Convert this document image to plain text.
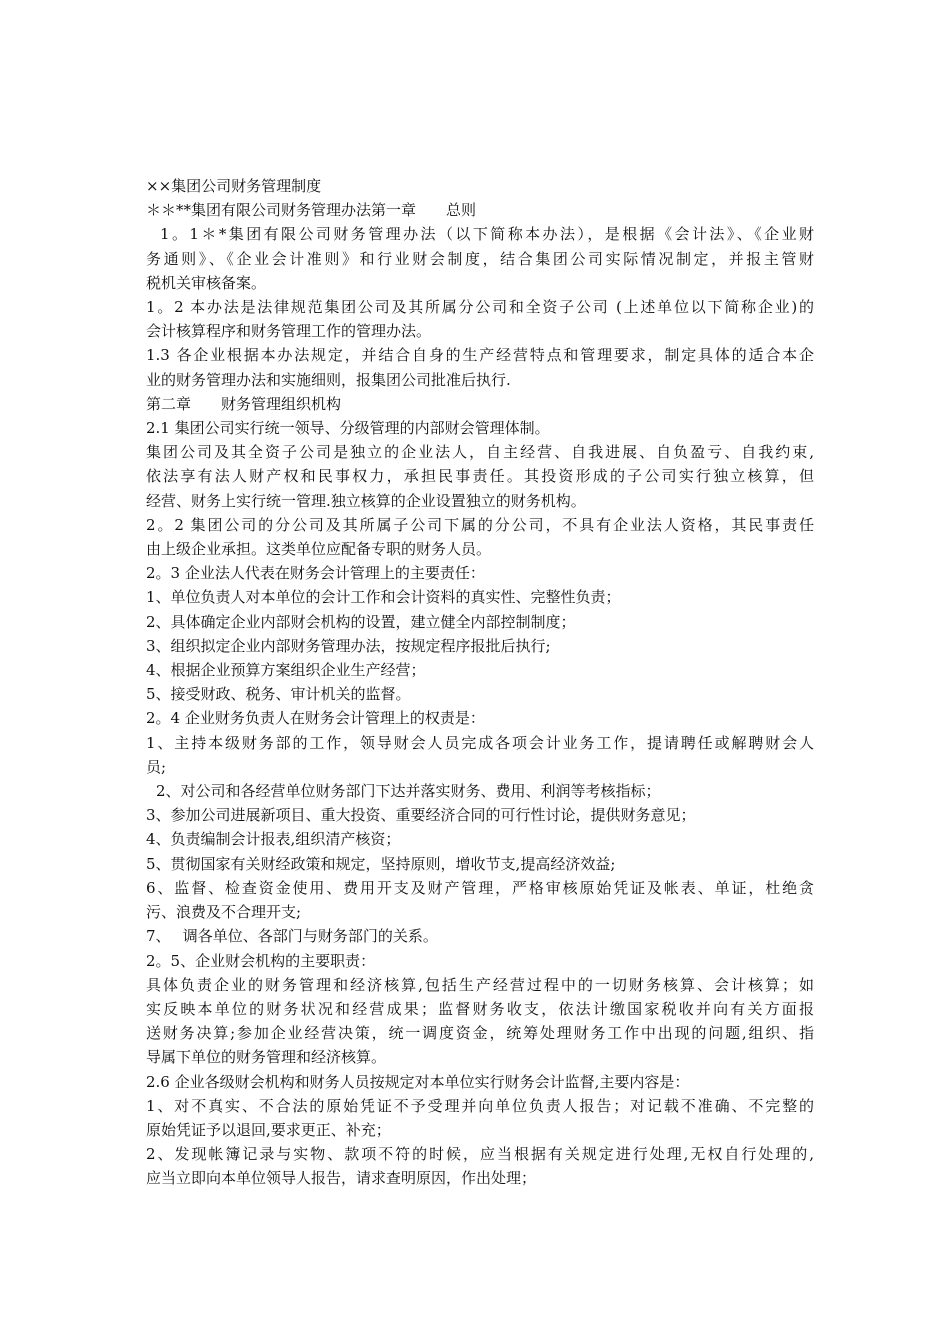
××集团公司财务管理制度

＊＊**集团有限公司财务管理办法第一章　　总则

1。1＊*集团有限公司财务管理办法（以下简称本办法），是根据《会计法》、《企业财

务通则》、《企业会计准则》和行业财会制度，结合集团公司实际情况制定，并报主管财

税机关审核备案。

1。2 本办法是法律规范集团公司及其所属分公司和全资子公司 (上述单位以下简称企业)的

会计核算程序和财务管理工作的管理办法。

1.3 各企业根据本办法规定，并结合自身的生产经营特点和管理要求，制定具体的适合本企

业的财务管理办法和实施细则，报集团公司批准后执行.

第二章　　财务管理组织机构

2.1 集团公司实行统一领导、分级管理的内部财会管理体制。

集团公司及其全资子公司是独立的企业法人，自主经营、自我进展、自负盈亏、自我约束,

依法享有法人财产权和民事权力，承担民事责任。其投资形成的子公司实行独立核算，但

经营、财务上实行统一管理.独立核算的企业设置独立的财务机构。

2。2 集团公司的分公司及其所属子公司下属的分公司，不具有企业法人资格，其民事责任

由上级企业承担。这类单位应配备专职的财务人员。

2。3 企业法人代表在财务会计管理上的主要责任：

1、单位负责人对本单位的会计工作和会计资料的真实性、完整性负责；

2、具体确定企业内部财会机构的设置，建立健全内部控制制度；

3、组织拟定企业内部财务管理办法，按规定程序报批后执行;

4、根据企业预算方案组织企业生产经营；

5、接受财政、税务、审计机关的监督。

2。4 企业财务负责人在财务会计管理上的权责是：

1、主持本级财务部的工作，领导财会人员完成各项会计业务工作，提请聘任或解聘财会人

员;

2、对公司和各经营单位财务部门下达并落实财务、费用、利润等考核指标；

3、参加公司进展新项目、重大投资、重要经济合同的可行性讨论，提供财务意见；

4、负责编制会计报表,组织清产核资；

5、贯彻国家有关财经政策和规定，坚持原则，增收节支,提高经济效益;

6、监督、检查资金使用、费用开支及财产管理，严格审核原始凭证及帐表、单证，杜绝贪

污、浪费及不合理开支;

7、　 调各单位、各部门与财务部门的关系。

2。5、企业财会机构的主要职责：

具体负责企业的财务管理和经济核算,包括生产经营过程中的一切财务核算、会计核算；如

实反映本单位的财务状况和经营成果；监督财务收支，依法计缴国家税收并向有关方面报

送财务决算;参加企业经营决策，统一调度资金，统筹处理财务工作中出现的问题,组织、指

导属下单位的财务管理和经济核算。

2.6 企业各级财会机构和财务人员按规定对本单位实行财务会计监督,主要内容是：

1、对不真实、不合法的原始凭证不予受理并向单位负责人报告；对记载不准确、不完整的

原始凭证予以退回,要求更正、补充；

2、发现帐簿记录与实物、款项不符的时候，应当根据有关规定进行处理,无权自行处理的,

应当立即向本单位领导人报告，请求查明原因，作出处理；
